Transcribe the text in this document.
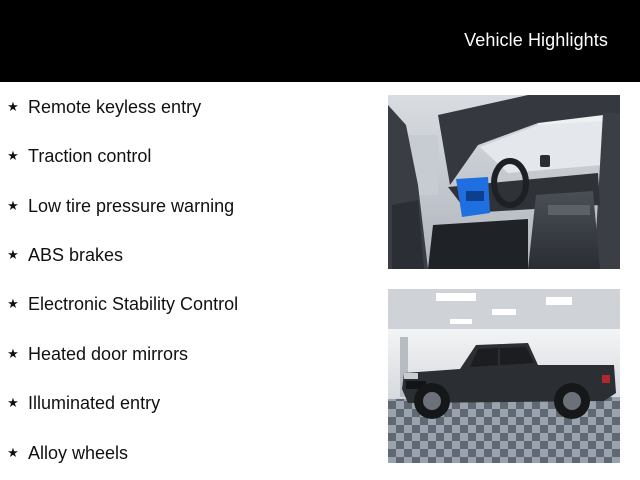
Vehicle Highlights
★ Remote keyless entry
★ Traction control
★ Low tire pressure warning
★ ABS brakes
★ Electronic Stability Control
★ Heated door mirrors
★ Illuminated entry
★ Alloy wheels
